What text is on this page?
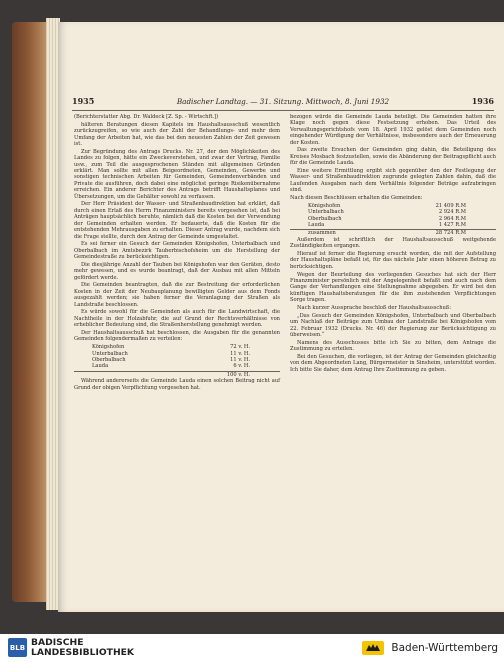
1935	Badischer Landtag. — 31. Sitzung. Mittwoch, 8. Juni 1932	1936

(Berichterstatter Abg. Dr. Waldeck [Z. Sp. - Wirtschft.])

hälteren Beratungen diesen Kapitels im Haushaltsausschuß wesentlich zurückzugreifen, so wie auch der Zahl der Behandlungs- und mehr dem Umfang der Arbeiten hat, wie das bei den neuesten Zahlen der Zeit gewesen ist.

Zur Begründung des Antrags Drucks. Nr. 27, der den Möglichkeiten des Landes zu folgen, hätte ein Zweckeverstehen, und zwar der Vertrag, Familie usw., zum Teil die ausgesprochenen Ständen mit allgemeinen Gründen erklärt. Man sollte mit allen Beigeordneten, Gemeinden, Gewerbe und sonstigen technischen Arbeiten für Gemeinden, Gemeindenverbänden und Private die ausführen, doch dabei eine möglichst geringe Risikenübernahme erreichen. Ein anderer Berichter des Antrags betrifft Haushaltsplanes und Übersetzungen, um die Gehälter sowohl zu verfassen.

Der Herr Präsident der Wasser- und Straßenbaudirektion hat erklärt, daß durch einen Erlaß des Herrn Finanzministers bereits vorgesehen ist, daß bei Anträgen hauptsächlich beruhte, nämlich daß die Kosten bei der Verwendung der Gemeinden erhalten werden. Er bedauerte, daß die Kosten für die entstehenden Mehrausgaben zu erhalten. Dieser Antrag wurde, nachdem sich die Frage stellte, durch den Antrag der Gemeinde umgestaltet.

Es sei ferner ein Gesuch der Gemeinden Königshofen, Unterbalbach und Oberbalbach im Amtsbezirk Tauberbischofsheim um die Herstellung der Gemeindestraße zu berücksichtigen.

Die diesjährige Anzahl der Tauben bei Königshofen war den Geräten, desto mehr gewesen, und es wurde beantragt, daß der Ausbau mit allen Mitteln gefördert werde.

Die Gemeinden beantragten, daß die zur Bestreitung der erforderlichen Kosten in der Zeit der Neubauplanung bewilligten Gelder aus dem Fonds ausgezahlt werden; sie haben ferner die Veranlagung der Straßen als Landstraße beschlossen.

Es würde sowohl für die Gemeinden als auch für die Landwirtschaft, die Nachtheile in der Holzabfuhr, die auf Grund der Rechtsverhältnisse von erheblicher Bedeutung sind, die Straßenherstellung genehmigt werden.

Der Haushaltsausschuß hat beschlossen, die Ausgaben für die genannten Gemeinden folgendermaßen zu verteilen:

Königshofen	72 v. H.
Unterbalbach	11 v. H.
Oberbalbach	11 v. H.
Lauda	6 v. H.
100 v. H.

Während andererseits die Gemeinde Lauda einen solchen Beitrag nicht auf Grund der obigen Verpflichtung vorgesehen hat.

bezogen würde die Gemeinde Lauda beteiligt. Die Gemeinden hatten ihre Klage noch gegen diese Festsetzung erhoben. Das Urteil des Verwaltungsgerichtshofs vom 18. April 1932 gelöst dem Gemeinden noch eingehender Würdigung der Verhältnisse, insbesondere auch der Erneuerung der Kosten.

Das zweite Ersuchen der Gemeinden ging dahin, die Beteiligung des Kreises Mosbach festzustellen, sowie die Abänderung der Beitragspflicht auch für die Gemeinde Lauda.

Eine weitere Ermittlung ergibt sich gegenüber den der Festlegung der Wasser- und Straßenbaudirektion zugrunde gelegten Zahlen dahin, daß die Laufenden Ausgaben nach dem Verhältnis folgender Beträge aufzubringen sind.

Nach diesen Beschlüssen erhalten die Gemeinden:

Königshofen	21 409 R.M
Unterbalbach	2 924 R.M
Oberbalbach	2 964 R.M
Lauda	1 427 R.M
zusammen	28 724 R.M

Außerdem ist schriftlich der Haushaltsausschuß weitgehende Zuständigkeiten ergangen.

Hierauf ist ferner die Regierung ersucht worden, die mit der Aufstellung der Haushaltspläne befaßt ist, für das nächste Jahr einen höheren Betrag zu berücksichtigen.

Wegen der Beurteilung des vorliegenden Gesuches hat sich der Herr Finanzminister persönlich mit der Angelegenheit befaßt und auch nach dem Gange der Verhandlungen eine Stellungnahme abgegeben. Er wird bei den künftigen Haushaltsberatungen für die ihm zustehenden Verpflichtungen Sorge tragen.

Nach kurzer Aussprache beschloß der Haushaltsausschuß:

„Das Gesuch der Gemeinden Königshofen, Unterbalbach und Oberbalbach um Nachlaß der Beiträge zum Umbau der Landstraße bei Königshofen vom 22. Februar 1932 (Drucks. Nr. 46) der Regierung zur Berücksichtigung zu überweisen.“

Namens des Ausschusses bitte ich Sie zu bitten, dem Antrage die Zustimmung zu erteilen.

Bei den Gesuchen, die vorliegen, ist der Antrag der Gemeinden gleichzeitig von dem Abgeordneten Lang, Bürgermeister in Sinsheim, unterstützt worden. Ich bitte Sie daher, dem Antrag Ihre Zustimmung zu geben.

BLB BADISCHE
LANDESBIBLIOTHEK	Baden-Württemberg
